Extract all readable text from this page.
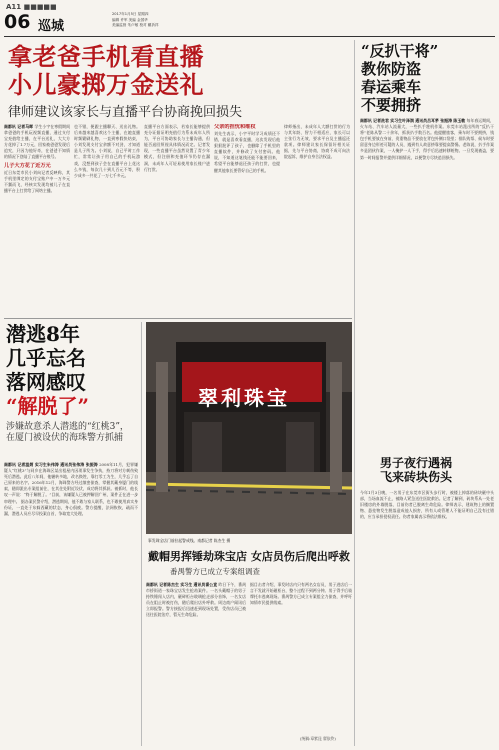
A11 ■■■■■
06 巡城
2017年1月5日 星期四
编辑 许军 美编 金国华
美编监督 朱卢敏 校对 戴祈祥
拿老爸手机看直播
小儿豪掷万金送礼
律师建议该家长与直播平台协商挽回损失
南都讯 记者马晖 学生小宇在寒假期间拿爸爸的手机玩视频直播，通过支付宝充值给主播，在平台送礼，大大方方花掉了1.7万元，回家被爸爸发现后追究，只因为他好奇，在爸爸不知情的情况下登陆了直播平台账号。
儿子大方花了近万元
近日东莞市民小刘向记者反映称，其手机里绑定的支付宝账户中一万多元不翼而飞，经核实发现均被儿子在直播平台上打赏给了网络主播。
也不错，便跟主播聊天、送出礼物。后来越来越喜欢这个主播，在她直播时频繁刷礼物，一直到寒假快结束，小刘发现支付宝余额不对劲，才知道是儿子所为。小刘说，自己平时工作忙，常常让孩子用自己的手机玩游戏，没想到孩子会在直播平台上花这么多钱，每次几十到几百元不等，积少成多一共花了一万七千多元。
直播平台方面表示，若家长能够提供充分证据证明充值行为系未成年人所为，平台可协助家长与主播沟通，但能否退回须视具体情况而定。记者发现，一些直播平台虽然设置了青少年模式，但注册和充值环节仍存在漏洞，未成年人可轻易使用家长账户进行打赏。
父亲的担忧和维权
刘先生表示，小宇平时学习成绩还不错，就是喜欢看直播，这次发现后他狠狠批评了孩子，也删除了手机里的直播软件，并修改了支付密码。他说，不知道这笔钱还能不能要回来，希望平台能够退还孩子的打赏，也提醒其他家长要管好自己的手机。
律师指出，未成年人大额打赏的行为与其年龄、智力不相适应，家长可以主张行为无效，要求平台及主播返还款项。律师建议家长保留好相关证据，先与平台协商，协商不成可向法院起诉，维护自身合法权益。
“反扒干将”
教你防盗
春运乘车
不要拥挤
南都讯 记者冼君 实习生叶泽润 通讯员吕耳茅 张振涛 陈玉敏 每年春运期间，火车站、汽车站人流量大，一些扒手趁机作案。东莞车站派出所的“反扒干将”老陈从警二十余年，抓获扒手数百名。他提醒旅客，乘车时不要拥挤，钱包手机要放在身前，贵重物品不要放在背包外侧口袋里；排队购票、候车时要留意身边形迹可疑的人员，遇到有人故意挤靠要提高警惕。老陈说，扒手作案多是团伙作案，一人掩护一人下手，得手后迅速转移赃物。一旦发现被盗，要第一时间报警并提供详细情况，以便警方尽快追回损失。
男子夜行遇祸
飞来砖块伤头
今年1月3日晚，一名男子在东莞市区街头步行时，被楼上掉落的砖块砸中头部，当场血流不止，被路人紧急送往医院救治。记者了解到，砖块系从一处老旧楼房的外墙脱落，目前伤者已脱离生命危险。律师表示，建筑物上的搁置物、悬挂物发生脱落造成他人损害，所有人或管理人不能证明自己没有过错的，应当承担侵权责任。伤者家属表示将依法维权。
潜逃8年
几乎忘名
落网感叹
“解脱了”
涉嫌故意杀人潜逃的“红桃3”，在厦门被设伏的海珠警方抓捕
南都讯 记者温炳 实习生朱伟涛 通讯员张伟涛 张振涛 2008年11月，犯罪嫌疑人“红桃3”与同乡在海珠区某出租屋内因琐事发生争执，持刀将对方刺伤致死后潜逃。此后八年间，他辗转多地，改名换姓，靠打零工为生，几乎忘了自己原来的名字。2016年12月，海珠警方经过缜密侦查，掌握其藏身厦门的线索，随即派出专案组前往，在其住处附近设伏，成功将其抓获。被抓时，他长叹一声说：“终于解脱了。”目前，该嫌疑人已被押解回广州，案件正在进一步审理中。 据办案民警介绍，潜逃期间，他不敢与家人联系，也不敢使用真实身份证，一直处于东躲西藏的状态，身心俱疲。警方提醒，法网恢恢，疏而不漏，潜逃人员应尽早投案自首，争取宽大处理。
翠利珠宝
事发珠宝店门前拉起警戒线。南都记者 陈杰生 摄
戴帽男挥锤劫珠宝店 女店员伤后爬出呼救
番禺警方已成立专案组调查
南都讯 记者陈杰生 实习生 通讯员番公宣 昨日下午，番禺市桥街道一家珠宝店发生抢劫案件。一名头戴帽子的男子持铁锤闯入店内，砸碎柜台玻璃抢走部分首饰，一名女店员在阻止时被打伤，随后爬出店外呼救。周边商户闻讯后立即报警。警方接报后迅速赶到现场处置，受伤店员已被送往医院治疗，暂无生命危险。
据目击者介绍，事发时店内只有两名女店员，男子进店后一言不发就开始砸柜台，整个过程不到两分钟。男子得手后骑摩托车逃离现场。番禺警方已成立专案组全力侦查，并呼吁知情市民提供线索。
(统稿:章紫昆 翟依伶)
